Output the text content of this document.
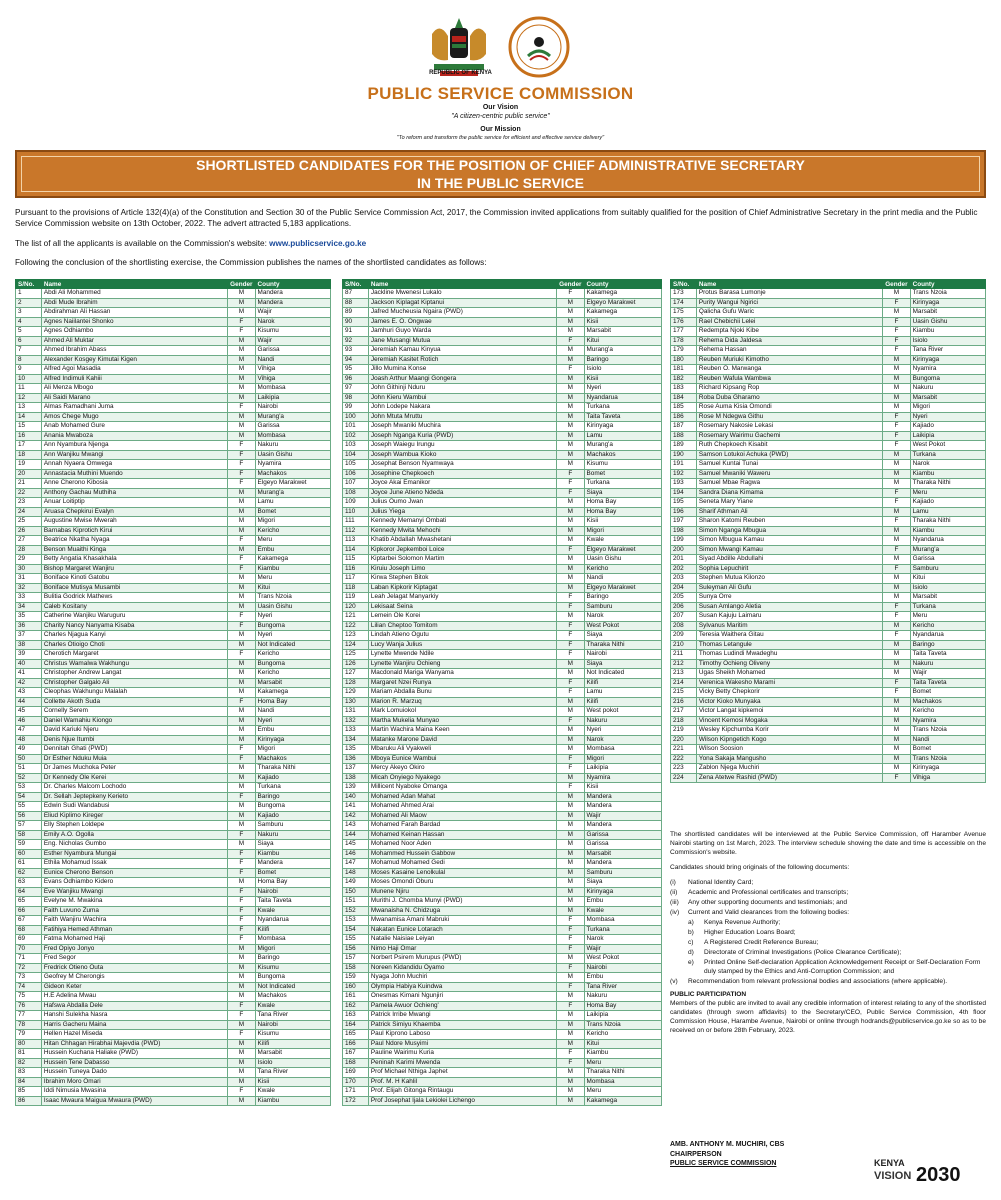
REPUBLIC OF KENYA
PUBLIC SERVICE COMMISSION
Our Vision
"A citizen-centric public service"
Our Mission
"To reform and transform the public service for efficient and effective service delivery"
SHORTLISTED CANDIDATES FOR THE POSITION OF CHIEF ADMINISTRATIVE SECRETARY
IN THE PUBLIC SERVICE
Pursuant to the provisions of Article 132(4)(a) of the Constitution and Section 30 of the Public Service Commission Act, 2017, the Commission invited applications from suitably qualified for the position of Chief Administrative Secretary in the print media and the Public Service Commission website on 13th October, 2022. The advert attracted 5,183 applications.
The list of all the applicants is available on the Commission's website: www.publicservice.go.ke
Following the conclusion of the shortlisting exercise, the Commission publishes the names of the shortlisted candidates as follows:
S/No.	Name	Gender	County
1	Abdi Ali Mohammed	M	Mandera
2	Abdi Mude Ibrahim	M	Mandera
3	Abdirahman Ali Hassan	M	Wajir
4	Agnes Naiilantei Shonko	F	Narok
5	Agnes Odhiambo	F	Kisumu
6	Ahmed Ali Muktar	M	Wajir
7	Ahmed Ibrahim Abass	M	Garissa
8	Alexander Kosgey Kimutai Kigen	M	Nandi
9	Alfred Agoi Masadia	M	Vihiga
10	Alfred Indimuli Kahiii	M	Vihiga
11	Ali Menza Mbogo	M	Mombasa
12	Ali Saidi Marano	M	Laikipia
13	Almas Ramadhani Juma	F	Nairobi
14	Amos Chege Mugo	M	Murang'a
15	Anab Mohamed Gure	M	Garissa
16	Anania Mwaboza	M	Mombasa
17	Ann Nyambura Njenga	F	Nakuru
18	Ann Wanjiku Mwangi	F	Uasin Gishu
19	Annah Nyaera Omwega	F	Nyamira
20	Annastacia Muthini Muendo	F	Machakos
21	Anne Cherono Kibosia	F	Elgeyo Marakwet
22	Anthony Gachau Muthiha	M	Murang'a
23	Anuar Loitiptip	M	Lamu
24	Aruasa Chepkirui Evalyn	M	Bomet
25	Augustine Mwise Mwerah	M	Migori
26	Barnabas Kiprotich Kirui	M	Kericho
27	Beatrice Nkatha Nyaga	F	Meru
28	Benson Muaithi Kinga	M	Embu
29	Betty Angatia Khasakhala	F	Kakamega
30	Bishop Margaret Wanjiru	F	Kiambu
31	Boniface Kinoti Gatobu	M	Meru
32	Boniface Mutisya Musambi	M	Kitui
33	Bulitia Godrick Mathews	M	Trans Nzoia
34	Caleb Kositany	M	Uasin Gishu
35	Catherine Wanjiku Waruguru	F	Nyeri
36	Charity Nancy Nanyama Kisaba	F	Bungoma
37	Charles Njagua Kanyi	M	Nyeri
38	Charles Otioigo Choti	M	Not Indicated
39	Cherotich Margaret	F	Kericho
40	Christus Wamalwa Wakhungu	M	Bungoma
41	Christopher Andrew Langat	M	Kericho
42	Christopher Galgalo Ali	M	Marsabit
43	Cleophas Wakhungu Malalah	M	Kakamega
44	Collette Akoth Suda	F	Homa Bay
45	Cornelly Serem	M	Nandi
46	Daniel Wamahiu Kiongo	M	Nyeri
47	David Kariuki Njeru	M	Embu
48	Denis Njue Itumbi	M	Kirinyaga
49	Dennitah Ghati (PWD)	F	Migori
50	Dr Esther Nduku Muia	F	Machakos
51	Dr James Muchoka Peter	M	Tharaka Nithi
52	Dr Kennedy Ole Kerei	M	Kajiado
53	Dr. Charles Malcom Lochodo	M	Turkana
54	Dr. Sellah Jeptepkeny Kerieto	F	Baringo
55	Edwin Sudi Wandabusi	M	Bungoma
56	Eliud Kiplimo Kireger	M	Kajiado
57	Elly Stephen Loldepe	M	Samburu
58	Emily A.O. Ogolla	F	Nakuru
59	Eng. Nicholas Gumbo	M	Siaya
60	Esther Nyambura Mungai	F	Kiambu
61	Ethila Mohamud Issak	F	Mandera
62	Eunice Cherono Benson	F	Bomet
63	Evans Odhiambo Kidero	M	Homa Bay
64	Eve Wanjiku Mwangi	F	Nairobi
65	Evelyne M. Mwakina	F	Taita Taveta
66	Faith Luvuno Zuma	F	Kwale
67	Faith Wanjiru Wachira	F	Nyandarua
68	Fatihiya Hemed Athman	F	Kilifi
69	Fatma Mohamed Haji	F	Mombasa
70	Fred Opiyo Jonyo	M	Migori
71	Fred Segor	M	Baringo
72	Fredrick Otieno Outa	M	Kisumu
73	Geofrey M Cherongis	M	Bungoma
74	Gideon Keter	M	Not Indicated
75	H.E Adelina Mwau	M	Machakos
76	Hafswa Abdalla Dele	F	Kwale
77	Hanshi Sulekha Nasra	F	Tana River
78	Harris Gacheru Maina	M	Nairobi
79	Hellen Hazel Miseda	F	Kisumu
80	Hitan Chhagan Hirabhai Majevdia (PWD)	M	Kilifi
81	Hussein Kuchana Haliake (PWD)	M	Marsabit
82	Hussein Tene Dabasso	M	Isiolo
83	Hussein Tuneya Dado	M	Tana River
84	Ibrahim Moro Omari	M	Kisii
85	Iddi Nimusia Mwasina	F	Kwale
86	Isaac Mwaura Maigua Mwaura (PWD)	M	Kiambu
S/No.	Name	Gender	County
87	Jackline Mwenesi Lukalo	F	Kakamega
88	Jackson Kiplagat Kiptanui	M	Elgeyo Marakwet
89	Jafred Mucheusia Ngaira (PWD)	M	Kakamega
90	James E. O. Ongwae	M	Kisii
91	Jamhuri Guyo Warda	M	Marsabit
92	Jane Musangi Mutua	F	Kitui
93	Jeremiah Kamau Kinyua	M	Murang'a
94	Jeremiah Kasitet Rotich	M	Baringo
95	Jillo Mumina Konse	F	Isiolo
96	Joash Arthur Maangi Gongera	M	Kisii
97	John Githinji Nduru	M	Nyeri
98	John Kieru Wambui	M	Nyandarua
99	John Lodepe Nakara	M	Turkana
100	John Mtuta Mruttu	M	Taita Taveta
101	Joseph Mwaniki Muchira	M	Kirinyaga
102	Joseph Nganga Kuria (PWD)	M	Lamu
103	Joseph Waiegu Irungu	M	Murang'a
104	Joseph Wambua Kioko	M	Machakos
105	Josephat Benson Nyamwaya	M	Kisumu
106	Josephine Chepkoech	F	Bomet
107	Joyce Akai Emanikor	F	Turkana
108	Joyce June Atieno Ndeda	F	Siaya
109	Julius Oumo Jwan	M	Homa Bay
110	Julius Yiega	M	Homa Bay
111	Kennedy Memanyi Ombati	M	Kisii
112	Kennedy Mwita Mehochi	M	Migori
113	Khatib Abdallah Mwashetani	M	Kwale
114	Kipkoror Jepkemboi Loice	F	Elgeyo Marakwet
115	Kiptarbei Solomon Martim	M	Uasin Gishu
116	Kiruiu Joseph Limo	M	Kericho
117	Kirwa Stephen Bitok	M	Nandi
118	Laban Kipkorir Kiptagat	M	Elgeyo Marakwet
119	Leah Jelagat Manyarkiy	F	Baringo
120	Lekisaat Seina	F	Samburu
121	Lemein Ole Korei	M	Narok
122	Lilian Cheptoo Tomitom	F	West Pokot
123	Lindah Atieno Ogutu	F	Siaya
124	Lucy Wanja Julius	F	Tharaka Nithi
125	Lynette Mwende Ndile	F	Nairobi
126	Lynette Wanjiru Ochieng	M	Siaya
127	Macdonald Mariga Wanyama	M	Not Indicated
128	Margaret Nzei Runya	F	Kilifi
129	Mariam Abdalla Bunu	F	Lamu
130	Marion R. Marzuq	M	Kilifi
131	Mark Lomuiokol	M	West pokot
132	Martha Mukelia Munyao	F	Nakuru
133	Martin Wachira Maina Keen	M	Nyeri
134	Matanke Marone David	M	Narok
135	Mbaruku Ali Vyakweli	M	Mombasa
136	Mboya Eunice Wambui	F	Migori
137	Mercy Akeyo Okiro	F	Laikipia
138	Micah Onyiego Nyakego	M	Nyamira
139	Millicent Nyaboke Omanga	F	Kisii
140	Mohamed Adan Mahat	M	Mandera
141	Mohamed Ahmed Arai	M	Mandera
142	Mohamed Ali Maow	M	Wajir
143	Mohamed Farah Bardad	M	Mandera
144	Mohamed Keinan Hassan	M	Garissa
145	Mohamed Noor Aden	M	Garissa
146	Mohammed Hussein Gabbow	M	Marsabit
147	Mohamud Mohamed Gedi	M	Mandera
148	Moses Kasaine Lenolkulal	M	Samburu
149	Moses Omondi Oburu	M	Siaya
150	Munene Njiru	M	Kirinyaga
151	Murithi J. Chomba Munyi (PWD)	M	Embu
152	Mwanaisha N. Chidzuga	M	Kwale
153	Mwanamisa Amani Mabruki	F	Mombasa
154	Nakatan Eunice Lotarach	F	Turkana
155	Natalie Naisiae Leiyan	F	Narok
156	Nimo Haji Omar	F	Wajir
157	Norbert Psirem Murupus (PWD)	M	West Pokot
158	Noreen Kidandidu Oyamo	F	Nairobi
159	Nyaga John Muchiri	M	Embu
160	Olympia Habiya Kuindwa	F	Tana River
161	Onesmas Kimani Ngunjiri	M	Nakuru
162	Pamela Awuor Ochieng'	F	Homa Bay
163	Patrick Irribe Mwangi	M	Laikipia
164	Patrick Simiyu Khaemba	M	Trans Nzoia
165	Paul Kiprono Laboso	M	Kericho
166	Paul Ndore Musyimi	M	Kitui
167	Pauline Wairimu Kuria	F	Kiambu
168	Peninah Karimi Mwenda	F	Meru
169	Prof Michael Nthiga Japhet	M	Tharaka Nithi
170	Prof. M. H Kahlil	M	Mombasa
171	Prof. Elijah Gitonga Rintaugu	M	Meru
172	Prof Josephat Ijala Lekiolei Lichengo	M	Kakamega
S/No.	Name	Gender	County
173	Protus Barasa Lumonje	M	Trans Nzoia
174	Purity Wangui Ngirici	F	Kirinyaga
175	Qalicha Gufu Waric	M	Marsabit
176	Rael Chebichii Lelei	F	Uasin Gishu
177	Redempta Njoki Kibe	F	Kiambu
178	Rehema Dida Jaldesa	F	Isiolo
179	Rehema Hassan	F	Tana River
180	Reuben Muriuki Kimotho	M	Kirinyaga
181	Reuben O. Marwanga	M	Nyamira
182	Reuben Wafula Wambwa	M	Bungoma
183	Richard Kipsang Rop	M	Nakuru
184	Roba Duba Gharamo	M	Marsabit
185	Rose Auma Kisia Omondi	M	Migori
186	Rose M Ndegwa Githu	F	Nyeri
187	Rosemary Nakosie Lekasi	F	Kajiado
188	Rosemary Wairimu Gachemi	F	Laikipia
189	Ruth Chepkoech Kisabit	F	West Pokot
190	Samson Lotukoi Achuka (PWD)	M	Turkana
191	Samuel Kuntai Tunai	M	Narok
192	Samuel Mwaniki Waweru	M	Kiambu
193	Samuel Mbae Ragwa	M	Tharaka Nithi
194	Sandra Diana Kimama	F	Meru
195	Seneta Mary Yiane	F	Kajiado
196	Sharif Athman Ali	M	Lamu
197	Sharon Katomi Reuben	F	Tharaka Nithi
198	Simon Nganga Mbugua	M	Kiambu
199	Simon Mbugua Kamau	M	Nyandarua
200	Simon Mwangi Kamau	F	Murang'a
201	Siyad Abdille Abdullahi	M	Garissa
202	Sophia Lepuchirit	F	Samburu
203	Stephen Mutua Kilonzo	M	Kitui
204	Suleyman Ali Gufu	M	Isiolo
205	Sunya Orre	M	Marsabit
206	Susan Amlango Aletia	F	Turkana
207	Susan Kajuju Laimaru	F	Meru
208	Sylvanus Maritim	M	Kericho
209	Teresia Waithera Gitau	F	Nyandarua
210	Thomas Letangule	M	Baringo
211	Thomas Ludindi Mwadeghu	M	Taita Taveta
212	Timothy Ochieng Oliveny	M	Nakuru
213	Ugas Sheikh Mohamed	M	Wajir
214	Verenica Wakesho Marami	F	Taita Taveta
215	Vicky Betty Chepkorir	F	Bomet
216	Victor Kioko Munyaka	M	Machakos
217	Victor Langat kipkemoi	M	Kericho
218	Vincent Kemosi Mogaka	M	Nyamira
219	Wesley Kipchumba Korir	M	Trans Nzoia
220	Wilson Kipngetich Kogo	M	Nandi
221	Wilson Soosion	M	Bomet
222	Yona Sakaja Mangusho	M	Trans Nzoia
223	Zablon Njega Muchiri	M	Kirinyaga
224	Zena Atetwe Rashid (PWD)	F	Vihiga

The shortlisted candidates will be interviewed at the Public Service Commission, off Haramber Avenue Nairobi starting on 1st March, 2023. The interview schedule showing the date and time is accessible on the Commission's website.

Candidates should bring originals of the following documents:

(i)	National Identity Card;
(ii)	Academic and Professional certificates and transcripts;
(iii)	Any other supporting documents and testimonials; and
(iv)	Current and Valid clearances from the following bodies:
a)	Kenya Revenue Authority;
b)	Higher Education Loans Board;
c)	A Registered Credit Reference Bureau;
d)	Directorate of Criminal Investigations (Police Clearance Certificate);
e)	Printed Online Self-declaration Application Acknowledgement Receipt or Self-Declaration Form duly stamped by the Ethics and Anti-Corruption Commission; and
(v)	Recommendation from relevant professional bodies and associations (where applicable).
PUBLIC PARTICIPATION

Members of the public are invited to avail any credible information of interest relating to any of the shortlisted candidates (through sworn affidavits) to the Secretary/CEO, Public Service Commission, 4th floor Commission House, Harambe Avenue, Nairobi or online through hodrands@publicservice.go.ke so as to be received on or before 28th February, 2023.

AMB. ANTHONY M. MUCHIRI, CBS
CHAIRPERSON
PUBLIC SERVICE COMMISSION	KENYA
VISION 2030
